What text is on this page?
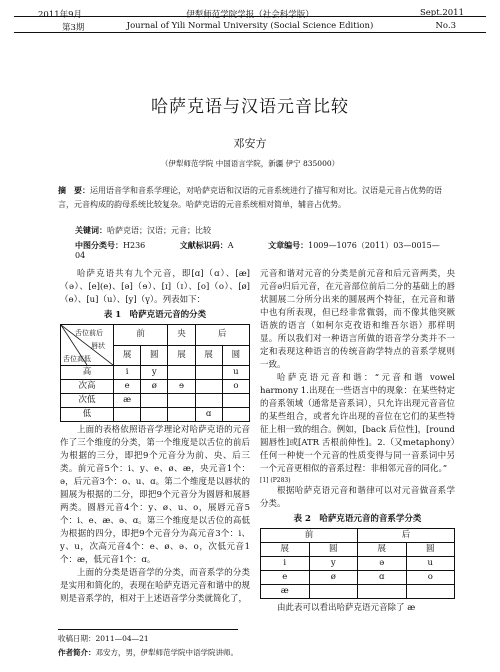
2011年9月
第3期
伊犁师范学院学报（社会科学版）
Journal of Yili Normal University (Social Science Edition)
Sept.2011
No.3
哈萨克语与汉语元音比较
邓安方
（伊犁师范学院 中国语言学院，新疆 伊宁 835000）
摘　要：运用语音学和音系学理论，对哈萨克语和汉语的元音系统进行了描写和对比。汉语是元音占优势的语言，元音构成的韵母系统比较复杂。哈萨克语的元音系统相对简单，辅音占优势。
关键词：哈萨克语；汉语；元音；比较
中图分类号：H236	文献标识码：A	文章编号：1009—1076（2011）03—0015—04

哈萨克语共有九个元音，即[ɑ]（ɑ）、[æ]（ə）、[e](e)、[ə]（ɘ）、[ɪ]（ɪ）、[o]（o）、[ø]（ө）、[u]（u）、[y]（ү）。列表如下：

表 1　哈萨克语元音的分类
舌位前后
唇状
舌位高低	前		央	后	
	展	圆	展	展	圆
高	i	y			u
次高	e	ø	ɘ		o
次低	æ				
低				ɑ	

上面的表格依照语音学理论对哈萨克语的元音作了三个维度的分类，第一个维度是以舌位的前后为根据的三分，即把9个元音分为前、央、后三类。前元音5个：i、y、e、ø、æ，央元音1个：ə，后元音3个：o、u、ɑ。第二个维度是以唇状的圆展为根据的二分，即把9个元音分为圆唇和展唇两类。圆唇元音4个：y、ø、u、o，展唇元音5个：i、e、æ、ə、ɑ。第三个维度是以舌位的高低为根据的四分，即把9个元音分为高元音3个：i、y、u，次高元音4个：e、ø、ə、o，次低元音1个：æ，低元音1个：ɑ。

上面的分类是语音学的分类，而音系学的分类是实用和简化的，表现在哈萨克语元音和谐中的规则是音系学的，相对于上述语音学分类就简化了，

元音和谐对元音的分类是前元音和后元音两类，央元音ə归后元音，在元音部位前后二分的基础上的唇状圆展二分所分出来的圆展两个特征，在元音和谐中也有所表现，但已经非常微弱，而不像其他突厥语族的语言（如柯尔克孜语和维吾尔语）那样明显。所以我们对一种语言所做的语音学分类并不一定和表现这种语言的传统音韵学特点的音系学规则一致。

哈萨克语元音和谐：“元音和谐 vowel harmony 1.出现在一些语言中的现象：在某些特定的音系领域（通常是音系词），只允许出现元音音位的某些组合，或者允许出现的音位在它们的某些特征上相一致的组合。例如，[back 后位性]，[round 圆唇性]或[ATR 舌根前伸性]。2.（又metaphony）任何一种使一个元音的性质变得与同一音系词中另一个元音更相似的音系过程：非相邻元音的同化。”

[1] (P283)

根据哈萨克语元音和谐律可以对元音做音系学分类。

表 2　哈萨克语元音的音系学分类
前		后	
展	圆	展	圆
i	y	ə	u
e	ø	ɑ	o
æ			

由此表可以看出哈萨克语元音除了 æ

收稿日期：2011—04—21
作者简介：邓安方，男，伊犁师范学院中语学院讲师。
